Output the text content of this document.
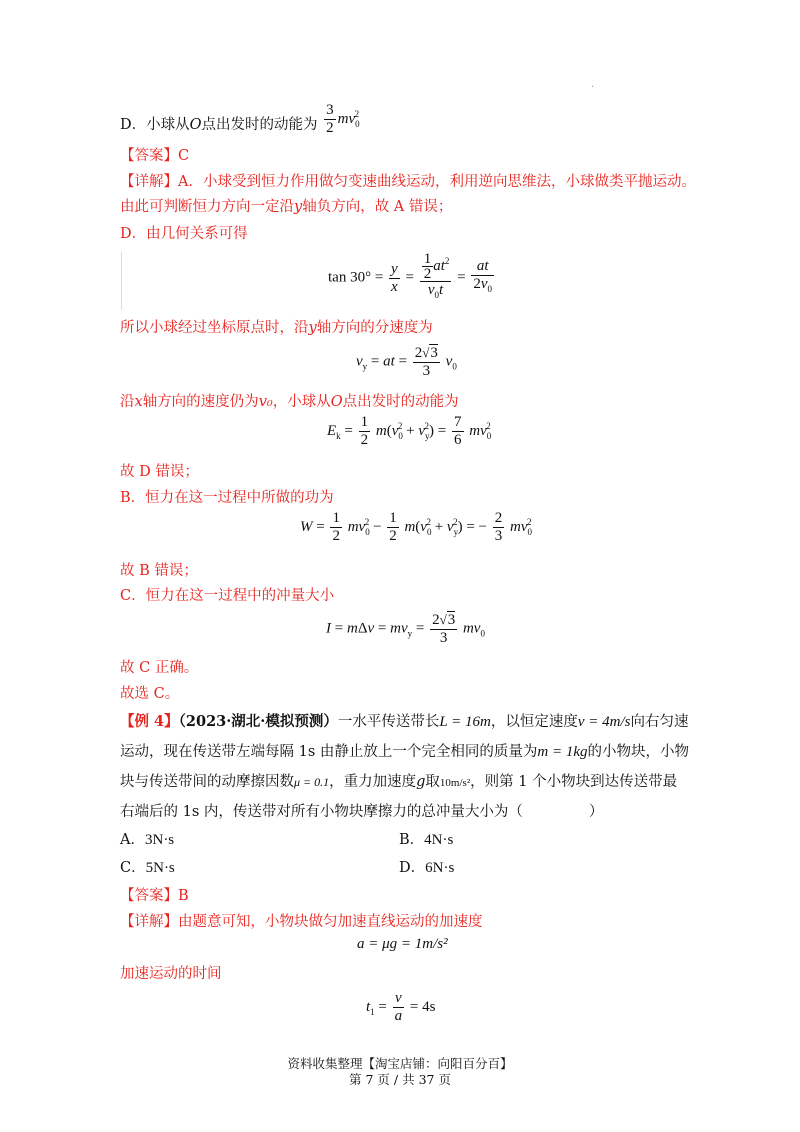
·
D．小球从O点出发时的动能为 $\frac{3}{2} mv_0^2$
【答案】C
【详解】A．小球受到恒力作用做匀变速曲线运动，利用逆向思维法，小球做类平抛运动。
由此可判断恒力方向一定沿y轴负方向，故 A 错误；
D．由几何关系可得
$\tan 30^\circ = \frac{y}{x} = \frac{\frac{1}{2} at^2}{v_0t} = \frac{at}{2v_0}$
所以小球经过坐标原点时，沿y轴方向的分速度为
$v_y$ = at = $\frac{2√3}{3} v_0$
沿x轴方向的速度仍为v₀，小球从O点出发时的动能为
$E_k = \frac{1}{2} m(v_0^2 + v_y^2) = \frac{7}{6} mv_0^2$
故 D 错误；
B．恒力在这一过程中所做的功为
$W = \frac{1}{2} mv_0^2 - \frac{1}{2} m(v_0^2 + v_y^2)$ = − $\frac{2}{3} mv_0^2$
故 B 错误；
C．恒力在这一过程中的冲量大小
$I = m\Delta v = mv_y = \frac{2√3}{3} mv_0$
故 C 正确。
故选 C。
【例 4】（2023·湖北·模拟预测）一水平传送带长L = 16m，以恒定速度v = 4m/s向右匀速
运动，现在传送带左端每隔 1s 由静止放上一个完全相同的质量为m = 1kg的小物块，小物
块与传送带间的动摩擦因数μ = 0.1，重力加速度g取10m/s²，则第 1 个小物块到达传送带最
右端后的 1s 内，传送带对所有小物块摩擦力的总冲量大小为（	）
A．3N·s	B．4N·s
C．5N·s	D．6N·s
【答案】B
【详解】由题意可知，小物块做匀加速直线运动的加速度
a = μg = 1m/s²
加速运动的时间
$t_1 = \frac{v}{a} = 4s$
资料收集整理【淘宝店铺：向阳百分百】
第 7 页 / 共 37 页
